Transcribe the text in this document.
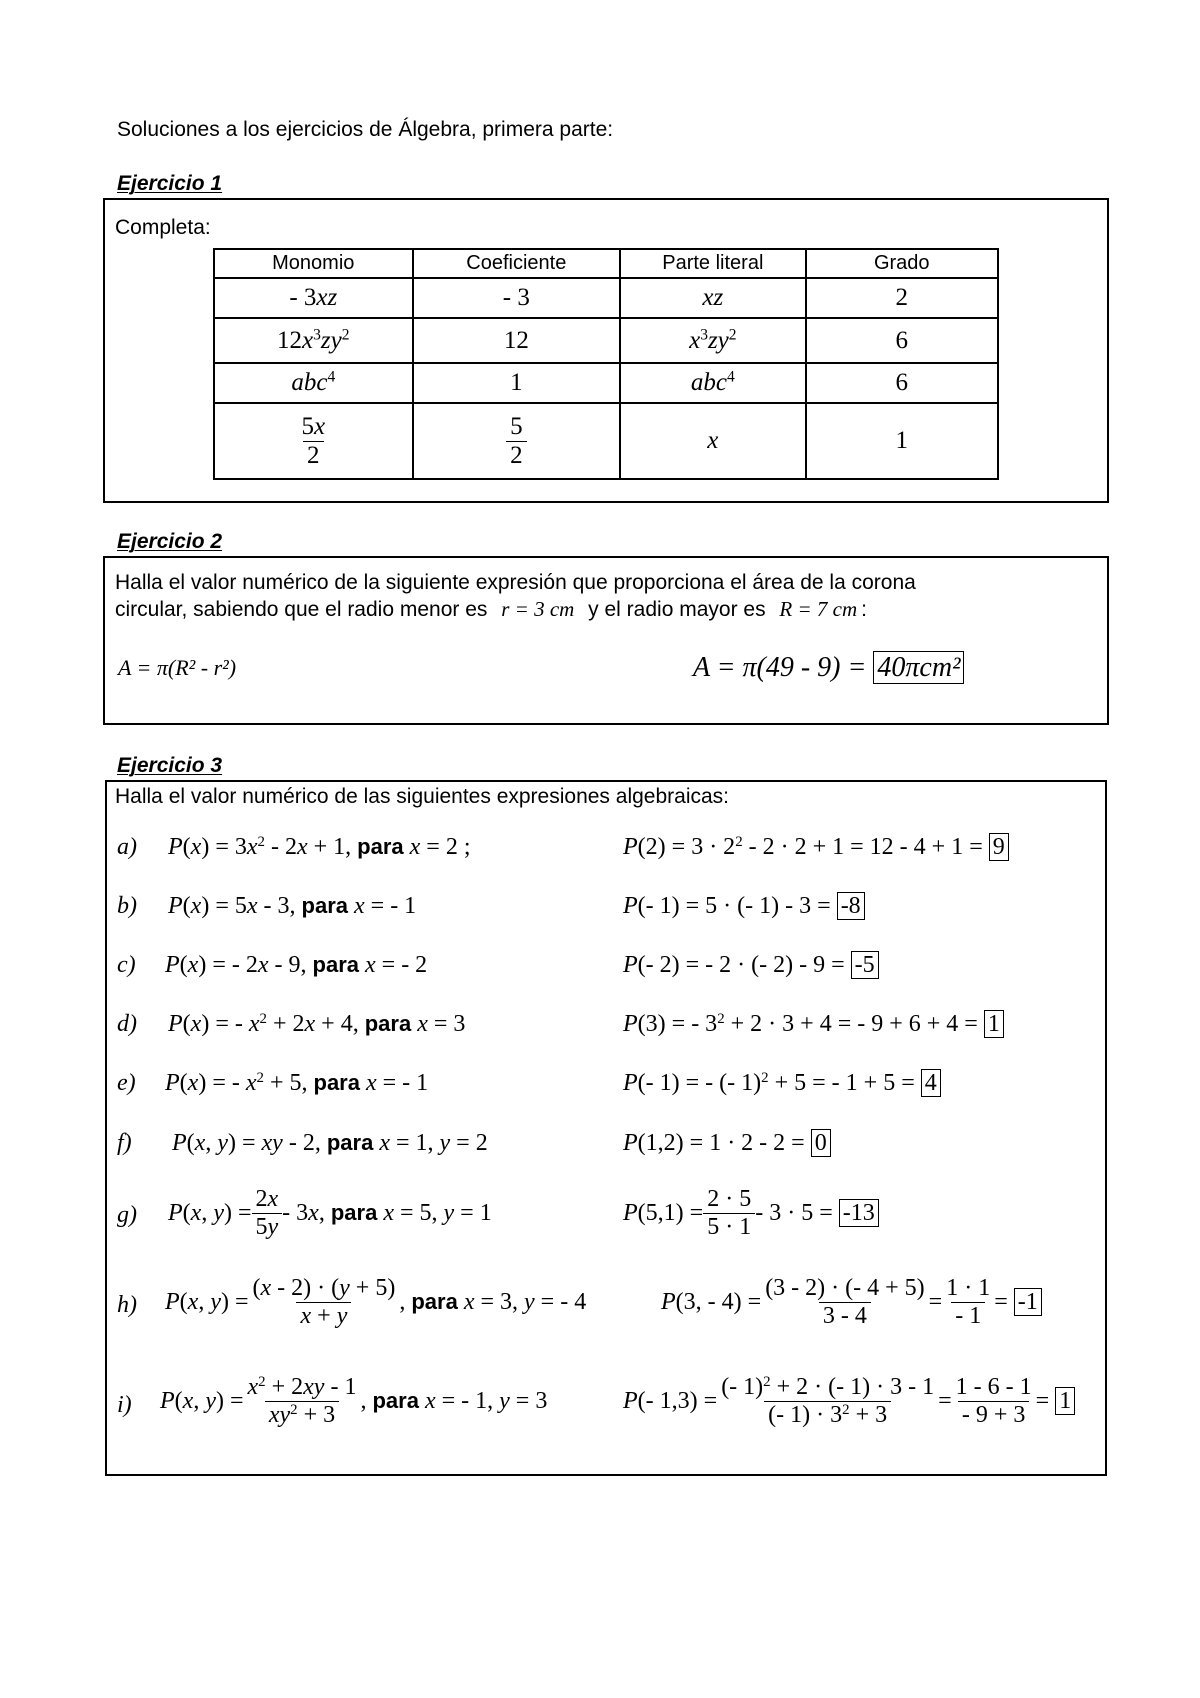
Soluciones a los ejercicios de Álgebra, primera parte:
Ejercicio 1
Completa:
Monomio	Coeficiente	Parte literal	Grado
- 3xz	- 3	xz	2
$12x^3zy^2$	12	$x^3zy^2$	6
abc$^4$	1	abc$^4$	6

$\frac{5x}{2}$	$\frac{5}{2}$	x	1
Ejercicio 2
Halla el valor numérico de la siguiente expresión que proporciona el área de la corona
circular, sabiendo que el radio menor es r = 3 cm y el radio mayor es R = 7 cm :
A = π(R² - r²)	A = π(49 - 9) = 40πcm²
Ejercicio 3
Halla el valor numérico de las siguientes expresiones algebraicas:
a) $P(x) = 3x^2 - 2x + 1$, para x = 2 ;	$P(2) = 3 \cdot 2^2 - 2 \cdot 2 + 1 = 12 - 4 + 1 = 9$
b) P(x) = 5x - 3, para x = - 1	P(- 1) = 5 · (- 1) - 3 = -8
c) P(x) = - 2x - 9, para x = - 2	P(- 2) = - 2 · (- 2) - 9 = -5
d) P(x) = - $x^2 + 2x + 4$, para x = 3	P(3) = - $3^2 + 2 \cdot 3 + 4$ = - 9 + 6 + 4 = 1
e) P(x) = - $x^2 + 5$, para x = - 1	P(- 1) = - (- 1)$^2$ + 5 = - 1 + 5 = 4
f) P(x, y) = xy - 2, para x = 1, y = 2	P(1,2) = 1 · 2 - 2 = 0
g) P(x, $y) = \frac{2x}{5y} - 3x$, para x = 5, y = 1	$P(5,1) = \frac{2 \cdot 5}{5 \cdot 1} - 3 \cdot 5 = -13$
h) P(x, $y) = \frac{(x - 2) \cdot (y + 5)}{x + y}$ , para x = 3, y = - 4	P(3, - $4) = \frac{(3 - 2) \cdot (- 4 + 5)}{3 - 4} = \frac{1 \cdot 1}{- 1} = -1$
i) P(x, $y) = \frac{x^2 + 2xy - 1}{xy^2 + 3}$ , para x = - 1, y = 3	P(- $1,3) = \frac{(- 1)^2 + 2 \cdot (- 1) \cdot 3 - 1}{(- 1) \cdot 3^2 + 3} = \frac{1 - 6 - 1}{- 9 + 3} = 1$
